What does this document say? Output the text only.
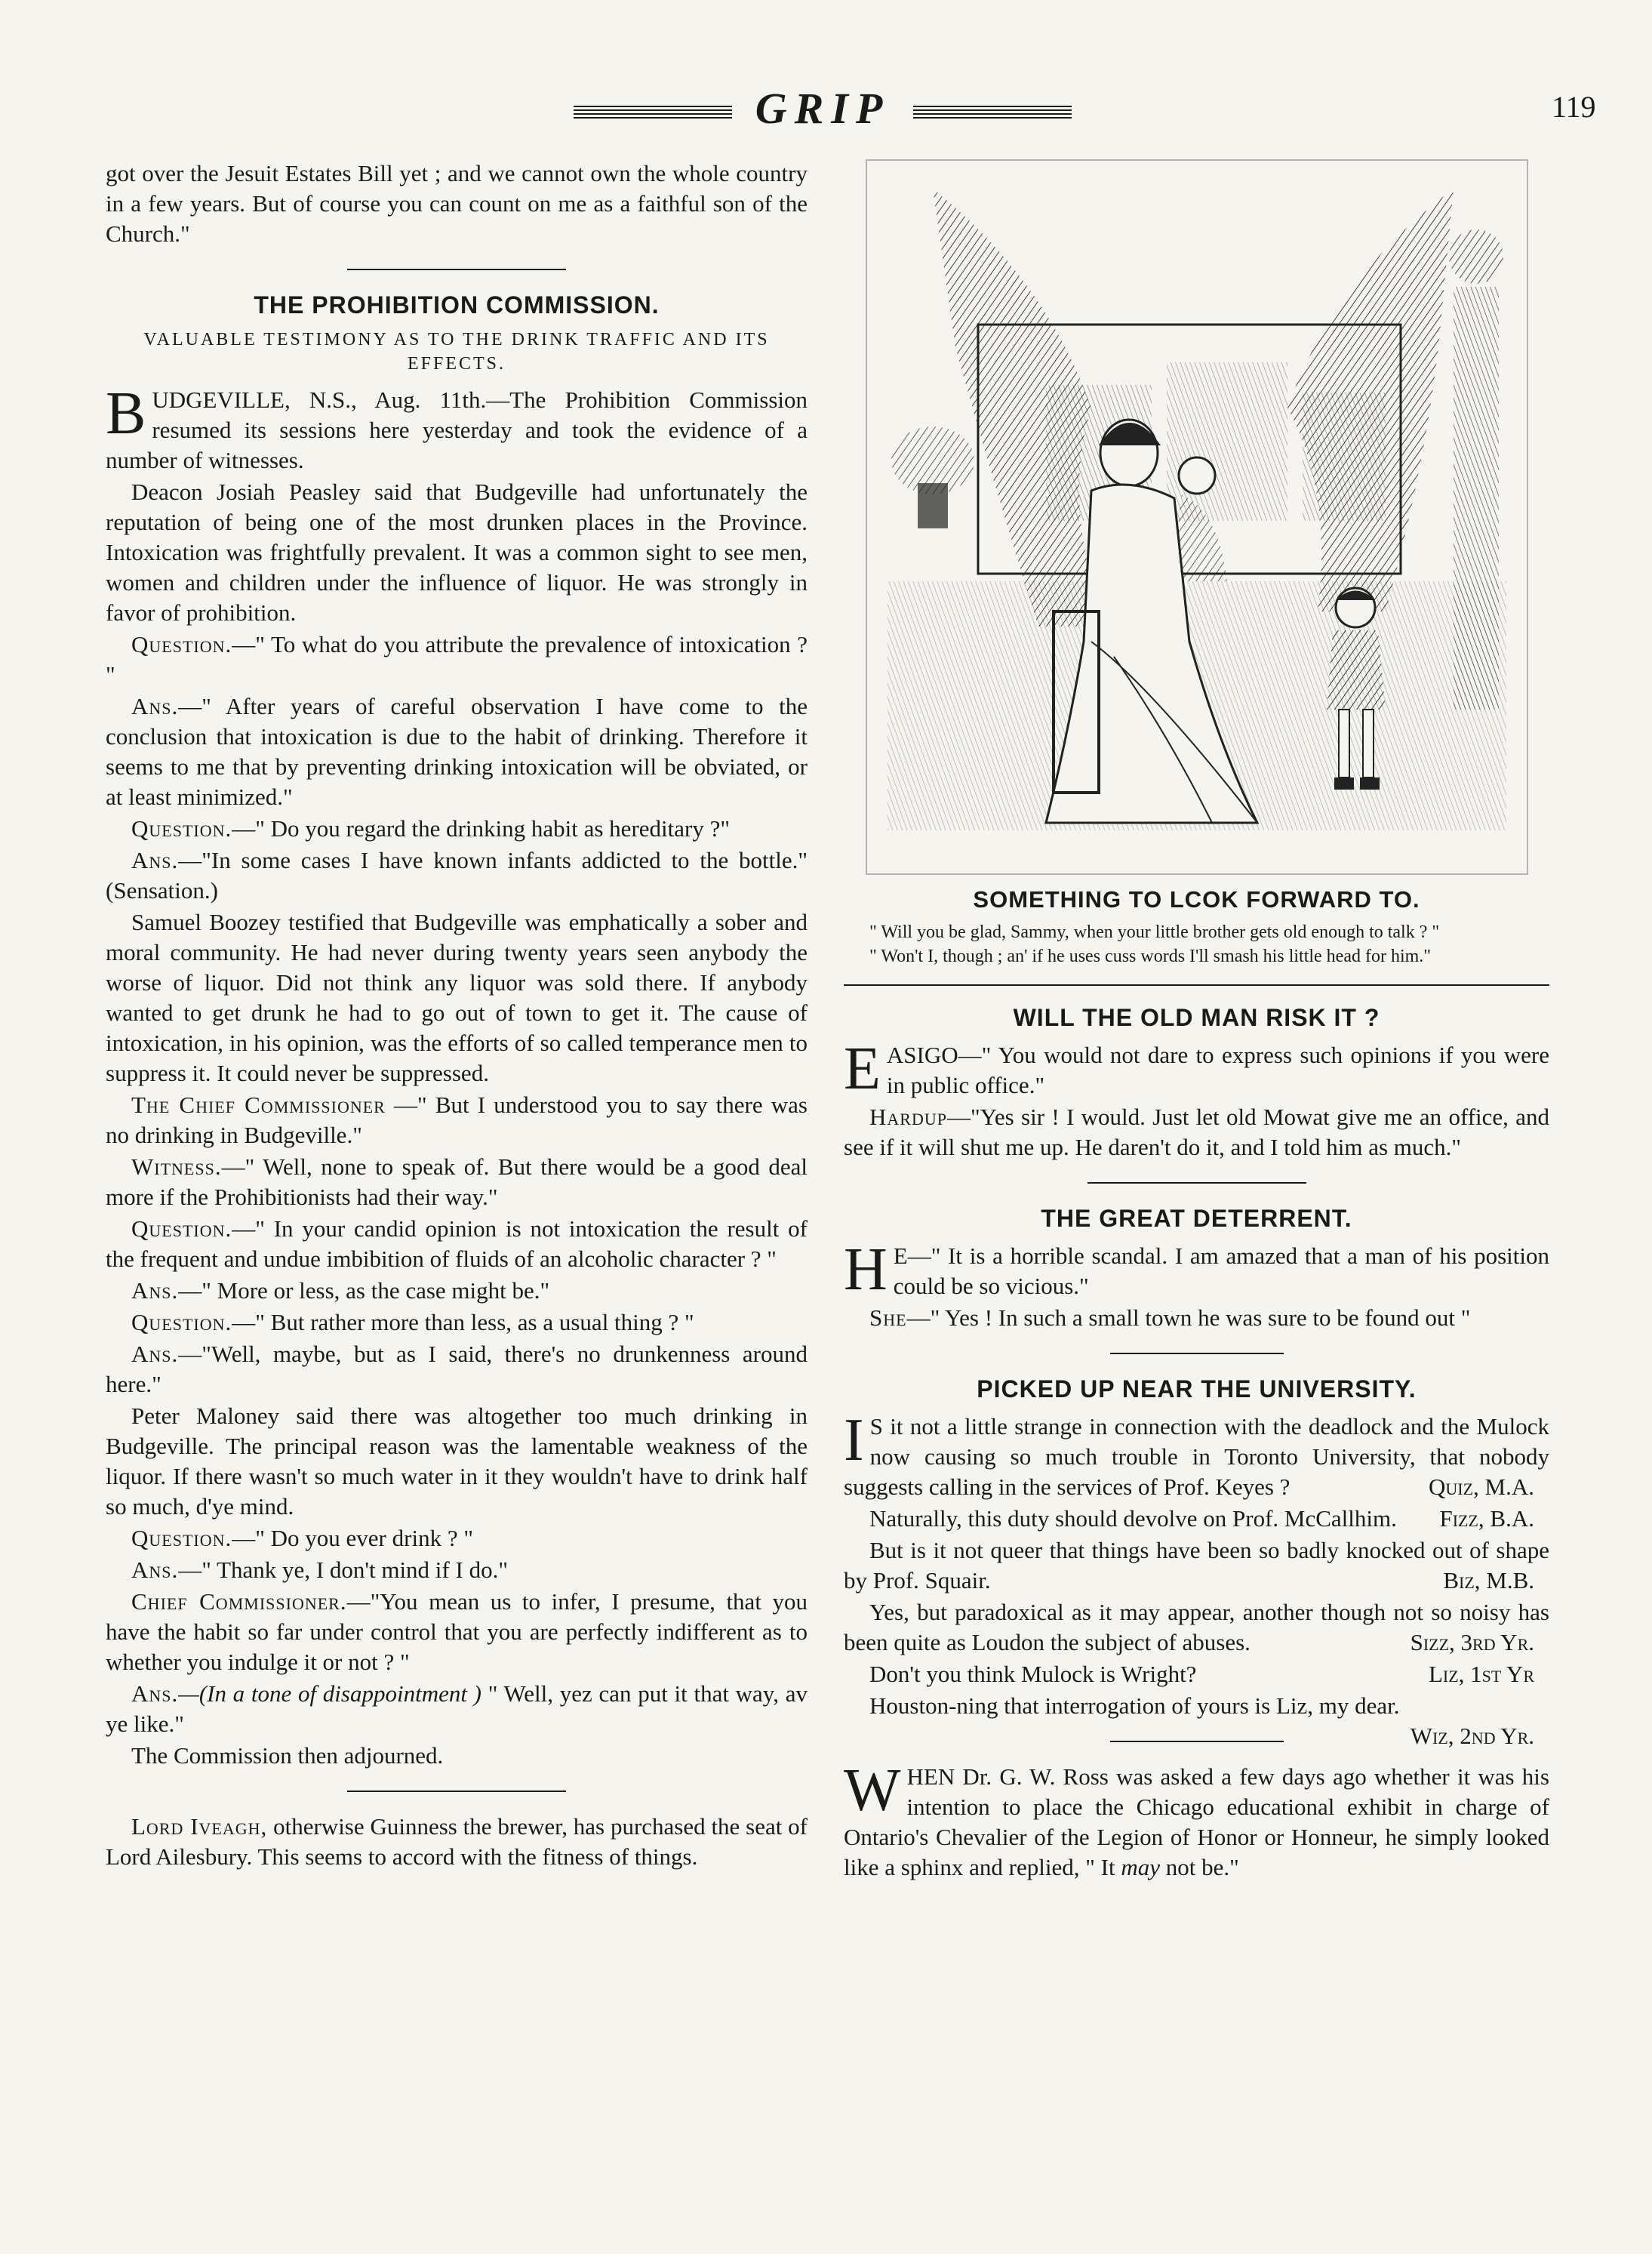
GRIP	119

got over the Jesuit Estates Bill yet ; and we cannot own the whole country in a few years. But of course you can count on me as a faithful son of the Church."

THE PROHIBITION COMMISSION.
VALUABLE TESTIMONY AS TO THE DRINK TRAFFIC AND ITS EFFECTS.

BUDGEVILLE, N.S., Aug. 11th.—The Prohibition Commission resumed its sessions here yesterday and took the evidence of a number of witnesses.

Deacon Josiah Peasley said that Budgeville had unfortunately the reputation of being one of the most drunken places in the Province. Intoxication was frightfully prevalent. It was a common sight to see men, women and children under the influence of liquor. He was strongly in favor of prohibition.

Question.—" To what do you attribute the prevalence of intoxication ? "

Ans.—" After years of careful observation I have come to the conclusion that intoxication is due to the habit of drinking. Therefore it seems to me that by preventing drinking intoxication will be obviated, or at least minimized."

Question.—" Do you regard the drinking habit as hereditary ?"

Ans.—"In some cases I have known infants addicted to the bottle." (Sensation.)

Samuel Boozey testified that Budgeville was emphatically a sober and moral community. He had never during twenty years seen anybody the worse of liquor. Did not think any liquor was sold there. If anybody wanted to get drunk he had to go out of town to get it. The cause of intoxication, in his opinion, was the efforts of so called temperance men to suppress it. It could never be suppressed.

The Chief Commissioner —" But I understood you to say there was no drinking in Budgeville."

Witness.—" Well, none to speak of. But there would be a good deal more if the Prohibitionists had their way."

Question.—" In your candid opinion is not intoxication the result of the frequent and undue imbibition of fluids of an alcoholic character ? "

Ans.—" More or less, as the case might be."

Question.—" But rather more than less, as a usual thing ? "

Ans.—"Well, maybe, but as I said, there's no drunkenness around here."

Peter Maloney said there was altogether too much drinking in Budgeville. The principal reason was the lamentable weakness of the liquor. If there wasn't so much water in it they wouldn't have to drink half so much, d'ye mind.

Question.—" Do you ever drink ? "

Ans.—" Thank ye, I don't mind if I do."

Chief Commissioner.—"You mean us to infer, I presume, that you have the habit so far under control that you are perfectly indifferent as to whether you indulge it or not ? "

Ans.—(In a tone of disappointment ) " Well, yez can put it that way, av ye like."

The Commission then adjourned.

Lord Iveagh, otherwise Guinness the brewer, has purchased the seat of Lord Ailesbury. This seems to accord with the fitness of things.

SOMETHING TO LCOK FORWARD TO.

" Will you be glad, Sammy, when your little brother gets old enough to talk ? "

" Won't I, though ; an' if he uses cuss words I'll smash his little head for him."

WILL THE OLD MAN RISK IT ?

EASIGO—" You would not dare to express such opinions if you were in public office."

Hardup—"Yes sir ! I would. Just let old Mowat give me an office, and see if it will shut me up. He daren't do it, and I told him as much."

THE GREAT DETERRENT.

H E—" It is a horrible scandal. I am amazed that a man of his position could be so vicious."

She—" Yes ! In such a small town he was sure to be found out "

PICKED UP NEAR THE UNIVERSITY.

I S it not a little strange in connection with the deadlock and the Mulock now causing so much trouble in Toronto University, that nobody suggests calling in the services of Prof. Keyes ?	Quiz, M.A.

Naturally, this duty should devolve on Prof. McCallhim.	Fizz, B.A.

But is it not queer that things have been so badly knocked out of shape by Prof. Squair.	Biz, M.B.

Yes, but paradoxical as it may appear, another though not so noisy has been quite as Loudon the subject of abuses.	Sizz, 3rd Yr.

Don't you think Mulock is Wright?	Liz, 1st Yr

Houston-ning that interrogation of yours is Liz, my dear.
Wiz, 2nd Yr.

WHEN Dr. G. W. Ross was asked a few days ago whether it was his intention to place the Chicago educational exhibit in charge of Ontario's Chevalier of the Legion of Honor or Honneur, he simply looked like a sphinx and replied, " It may not be."
